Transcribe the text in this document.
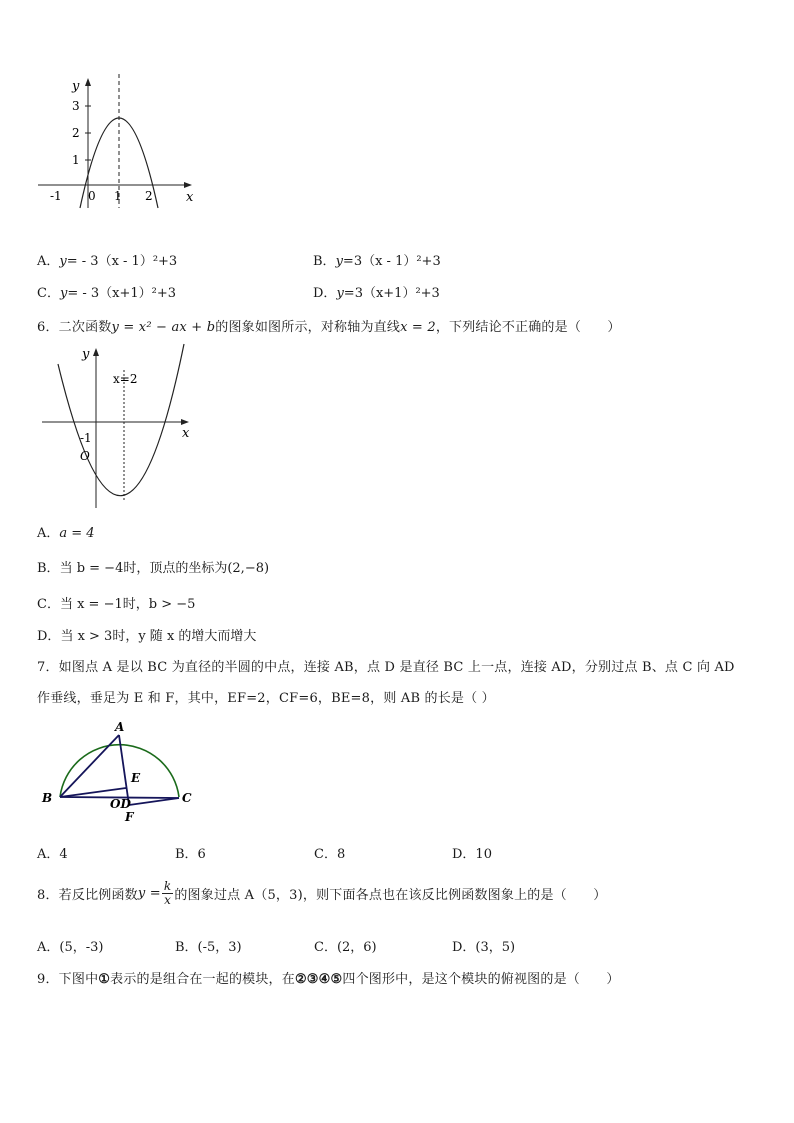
y
x
3
2
1
-1 0 1 2
A．y= - 3（x - 1）²+3	B．y=3（x - 1）²+3
C．y= - 3（x+1）²+3	D．y=3（x+1）²+3
6．二次函数y = x² − ax + b的图象如图所示，对称轴为直线x = 2，下列结论不正确的是（　　）
y
x
x=2
-1
O
A．a = 4
B．当 b = −4时，顶点的坐标为(2,−8)
C．当 x = −1时，b > −5
D．当 x > 3时，y 随 x 的增大而增大
7．如图点 A 是以 BC 为直径的半圆的中点，连接 AB，点 D 是直径 BC 上一点，连接 AD，分别过点 B、点 C 向 AD
作垂线，垂足为 E 和 F，其中，EF=2，CF=6，BE=8，则 AB 的长是（ ）
A
B	C
E
OD
F
A．4	B．6	C．8	D．10
8．若反比例函数$y = \frac{k}{x}$ 的图象过点 A（5，3)，则下面各点也在该反比例函数图象上的是（　　）
A．(5，-3)	B．(-5，3)	C．(2，6)	D．(3，5)
9．下图中①表示的是组合在一起的模块，在②③④⑤四个图形中，是这个模块的俯视图的是（　　）
